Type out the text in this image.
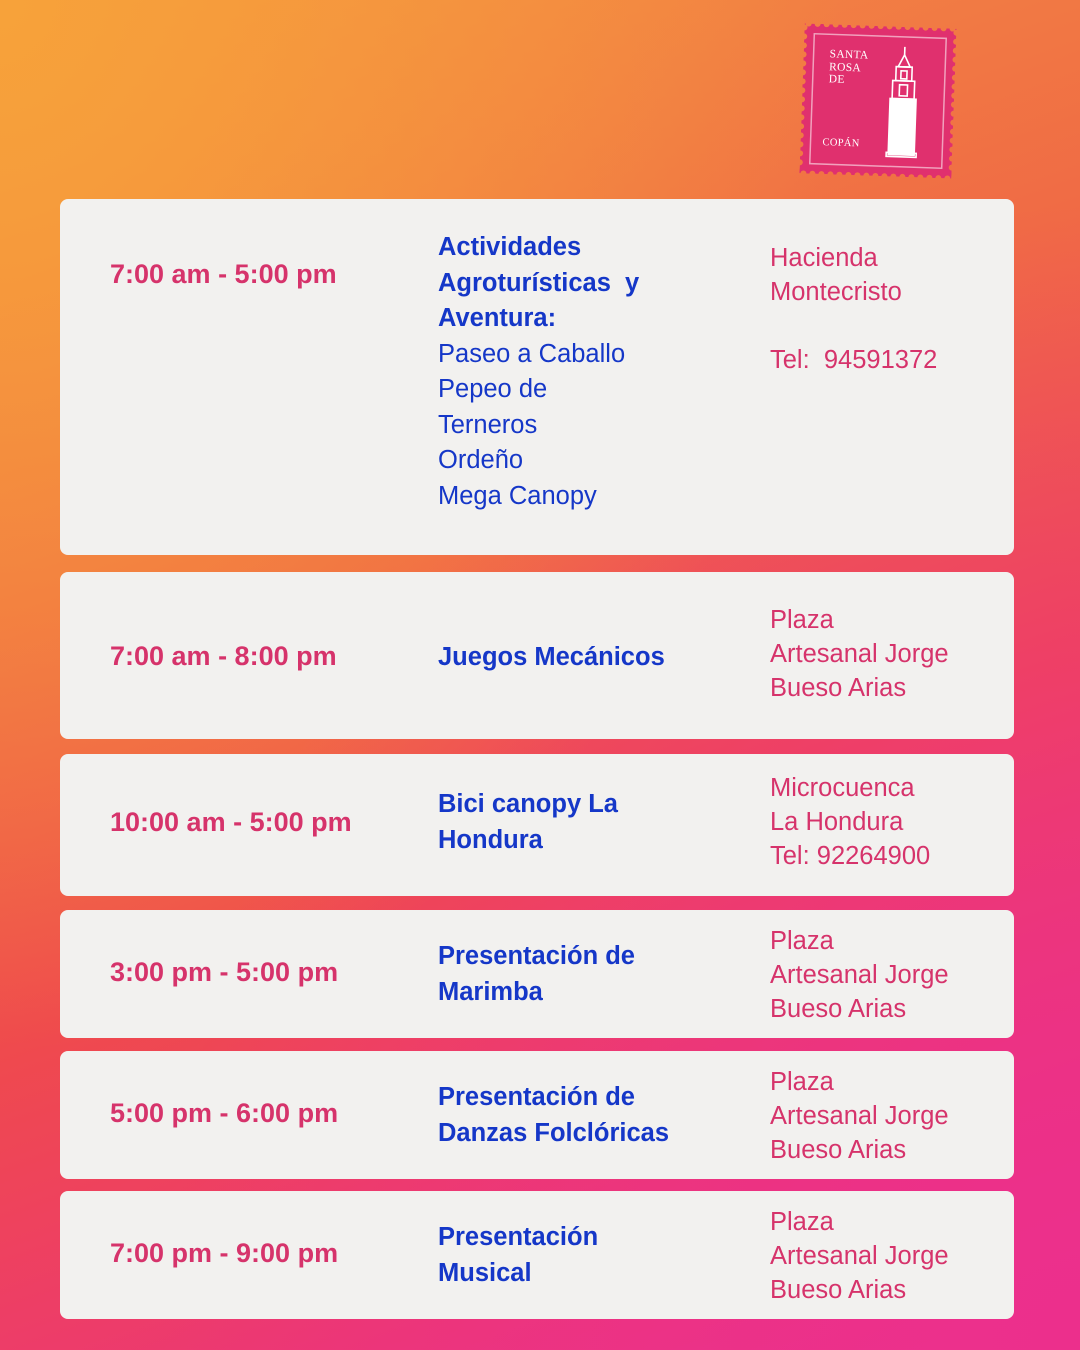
SANTA
ROSA
DE
COPÁN
7:00 am - 5:00 pm
Actividades
Agroturísticas  y
Aventura:
Paseo a Caballo
Pepeo de
Terneros
Ordeño
Mega Canopy
Hacienda
Montecristo
Tel:  94591372
7:00 am - 8:00 pm	Juegos Mecánicos
Plaza
Artesanal Jorge
Bueso Arias
10:00 am - 5:00 pm
Bici canopy La
Hondura
Microcuenca
La Hondura
Tel: 92264900
3:00 pm - 5:00 pm
Presentación de
Marimba
Plaza
Artesanal Jorge
Bueso Arias
5:00 pm - 6:00 pm
Presentación de
Danzas Folclóricas
Plaza
Artesanal Jorge
Bueso Arias
7:00 pm - 9:00 pm
Presentación
Musical
Plaza
Artesanal Jorge
Bueso Arias
